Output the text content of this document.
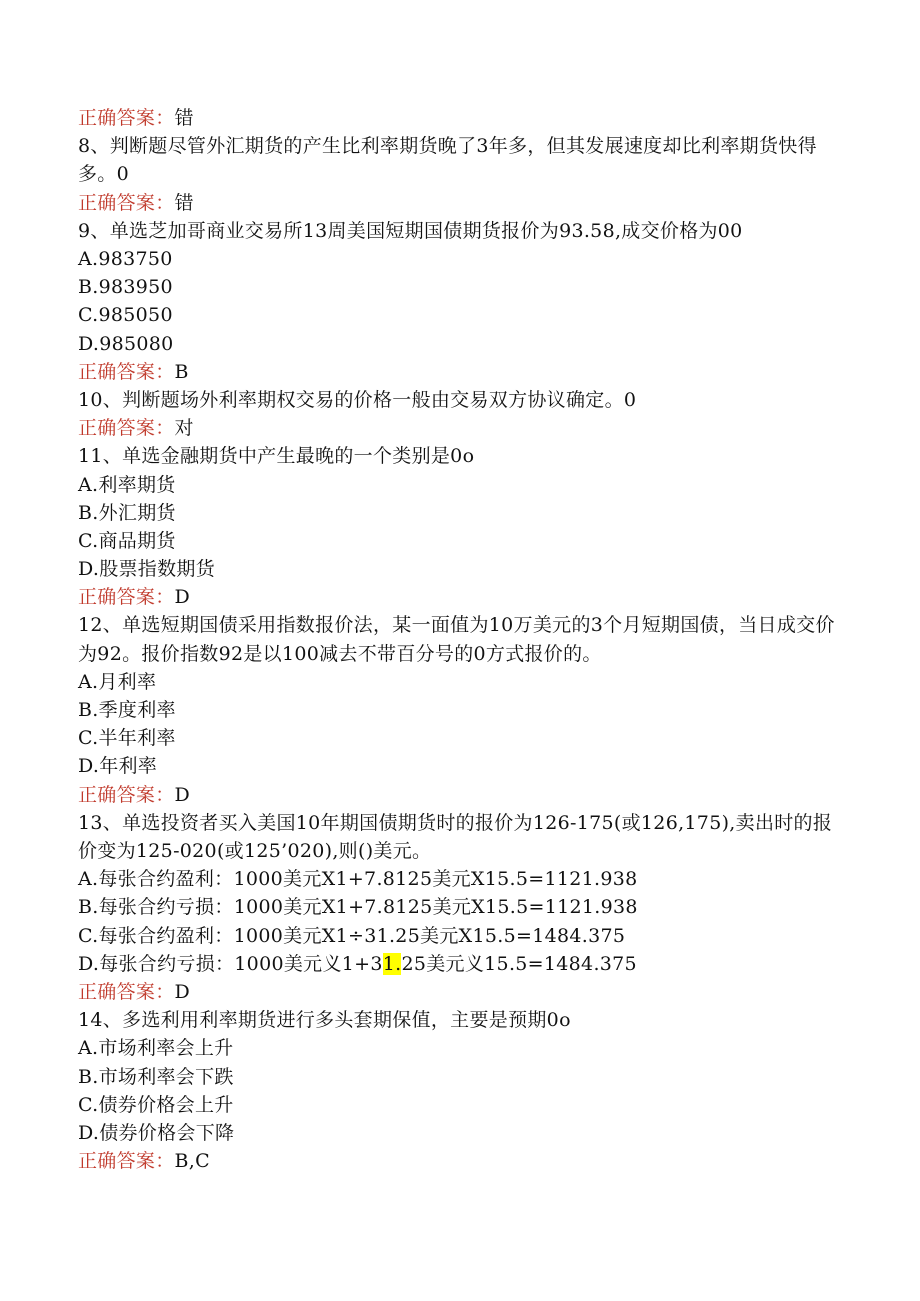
正确答案：错
8、判断题尽管外汇期货的产生比利率期货晚了3年多，但其发展速度却比利率期货快得多。0
正确答案：错
9、单选芝加哥商业交易所13周美国短期国债期货报价为93.58,成交价格为00
A.983750
B.983950
C.985050
D.985080
正确答案：B
10、判断题场外利率期权交易的价格一般由交易双方协议确定。0
正确答案：对
11、单选金融期货中产生最晚的一个类别是0o
A.利率期货
B.外汇期货
C.商品期货
D.股票指数期货
正确答案：D
12、单选短期国债采用指数报价法，某一面值为10万美元的3个月短期国债，当日成交价为92。报价指数92是以100减去不带百分号的0方式报价的。
A.月利率
B.季度利率
C.半年利率
D.年利率
正确答案：D
13、单选投资者买入美国10年期国债期货时的报价为126-175(或126,175),卖出时的报价变为125-020(或125’020),则()美元。
A.每张合约盈利：1000美元X1+7.8125美元X15.5=1121.938
B.每张合约亏损：1000美元X1+7.8125美元X15.5=1121.938
C.每张合约盈利：1000美元X1÷31.25美元X15.5=1484.375
D.每张合约亏损：1000美元义1+31.25美元义15.5=1484.375
正确答案：D
14、多选利用利率期货进行多头套期保值，主要是预期0o
A.市场利率会上升
B.市场利率会下跌
C.债券价格会上升
D.债券价格会下降
正确答案：B,C
